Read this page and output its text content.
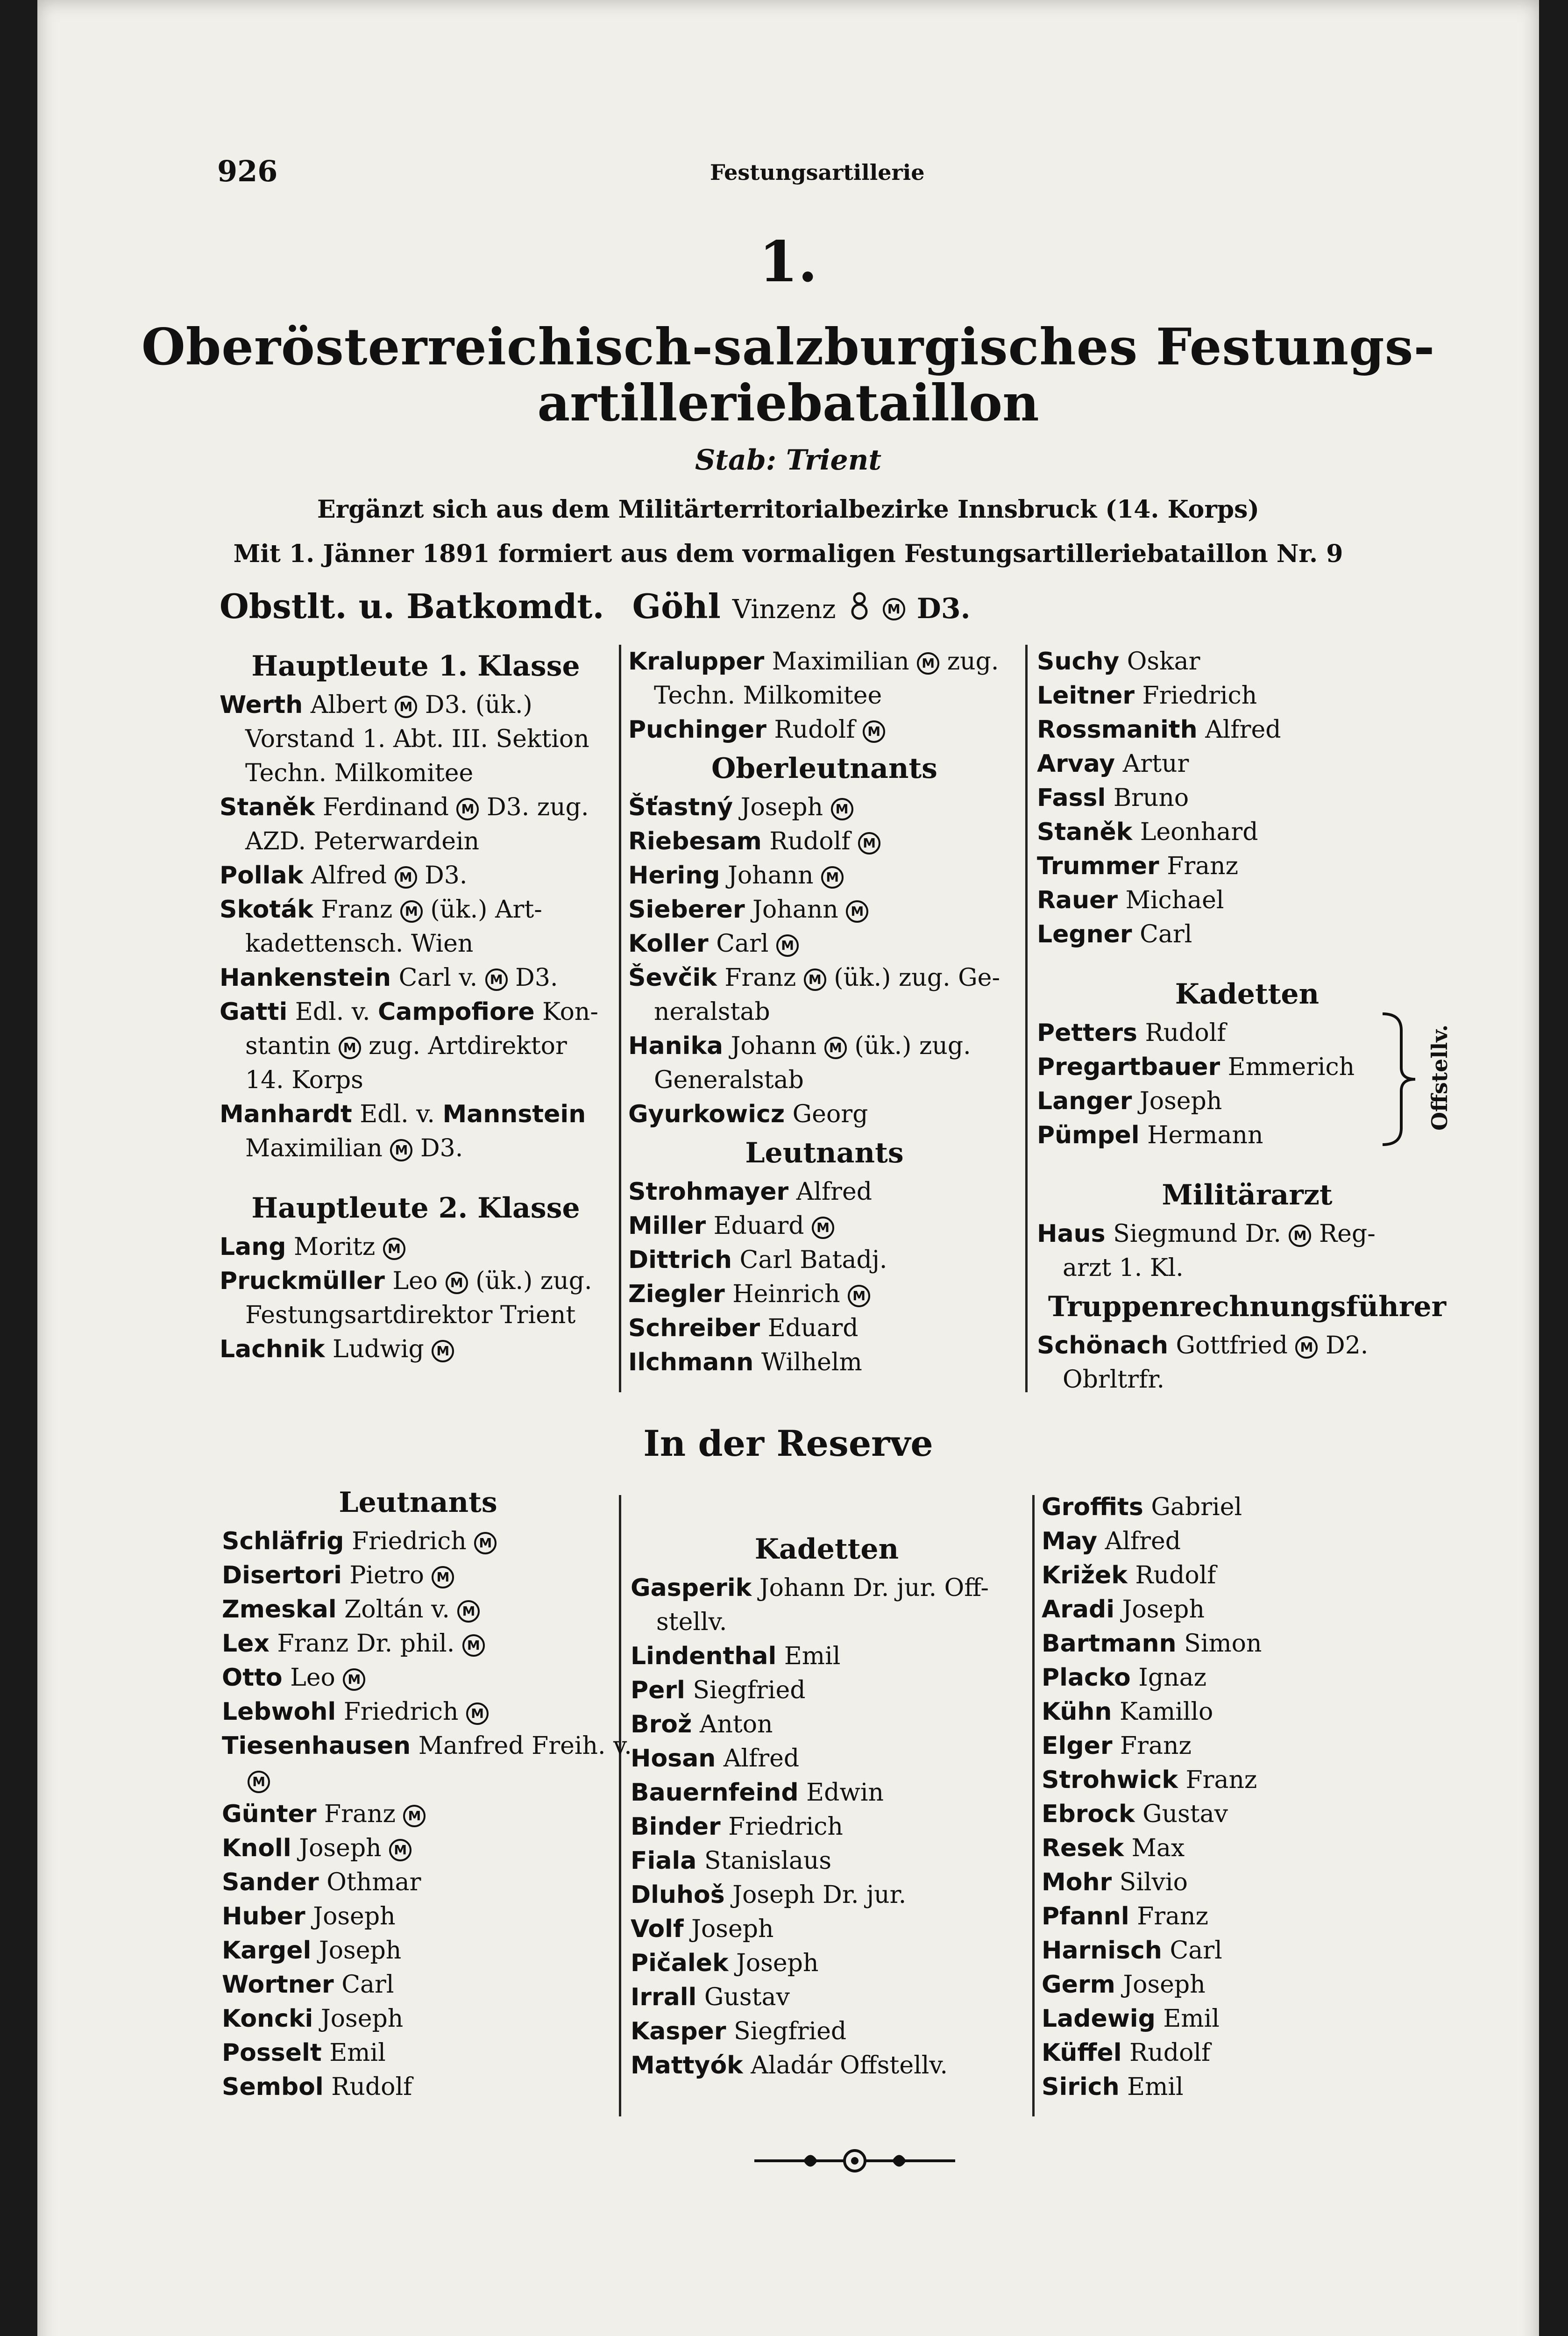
926	Festungsartillerie
1.
Oberösterreichisch-salzburgisches Festungs-
artilleriebataillon
Stab: Trient
Ergänzt sich aus dem Militärterritorialbezirke Innsbruck (14. Korps)
Mit 1. Jänner 1891 formiert aus dem vormaligen Festungsartilleriebataillon Nr. 9
Obstlt. u. Batkomdt. Göhl Vinzenz	M D3.
Hauptleute 1. Klasse
Werth Albert M D3. (ük.)
Vorstand 1. Abt. III. Sektion
Techn. Milkomitee
Staněk Ferdinand M D3. zug.
AZD. Peterwardein
Pollak Alfred M D3.
Skoták Franz M (ük.) Art-
kadettensch. Wien
Hankenstein Carl v. M D3.
Gatti Edl. v. Campofiore Kon-
stantin M zug. Artdirektor
14. Korps
Manhardt Edl. v. Mannstein
Maximilian M D3.
Hauptleute 2. Klasse
Lang Moritz M
Pruckmüller Leo M (ük.) zug.
Festungsartdirektor Trient
Lachnik Ludwig M
Kralupper Maximilian M zug.
Techn. Milkomitee
Puchinger Rudolf M
Oberleutnants
Šťastný Joseph M
Riebesam Rudolf M
Hering Johann M
Sieberer Johann M
Koller Carl M
Ševčik Franz M (ük.) zug. Ge-
neralstab
Hanika Johann M (ük.) zug.
Generalstab
Gyurkowicz Georg
Leutnants
Strohmayer Alfred
Miller Eduard M
Dittrich Carl Batadj.
Ziegler Heinrich M
Schreiber Eduard
Ilchmann Wilhelm
Suchy Oskar
Leitner Friedrich
Rossmanith Alfred
Arvay Artur
Fassl Bruno
Staněk Leonhard
Trummer Franz
Rauer Michael
Legner Carl
Kadetten
Petters Rudolf
Pregartbauer Emmerich
Langer Joseph
Pümpel Hermann
Militärarzt
Haus Siegmund Dr. M Reg-
arzt 1. Kl.
Truppenrechnungsführer
Schönach Gottfried M D2.
Obrltrfr.
Offstellv.
In der Reserve
Leutnants
Schläfrig Friedrich M
Disertori Pietro M
Zmeskal Zoltán v. M
Lex Franz Dr. phil. M
Otto Leo M
Lebwohl Friedrich M
Tiesenhausen Manfred Freih. v.
M
Günter Franz M
Knoll Joseph M
Sander Othmar
Huber Joseph
Kargel Joseph
Wortner Carl
Koncki Joseph
Posselt Emil
Sembol Rudolf
Kadetten
Gasperik Johann Dr. jur. Off-
stellv.
Lindenthal Emil
Perl Siegfried
Brož Anton
Hosan Alfred
Bauernfeind Edwin
Binder Friedrich
Fiala Stanislaus
Dluhoš Joseph Dr. jur.
Volf Joseph
Pičalek Joseph
Irrall Gustav
Kasper Siegfried
Mattyók Aladár Offstellv.
Groffits Gabriel
May Alfred
Križek Rudolf
Aradi Joseph
Bartmann Simon
Placko Ignaz
Kühn Kamillo
Elger Franz
Strohwick Franz
Ebrock Gustav
Resek Max
Mohr Silvio
Pfannl Franz
Harnisch Carl
Germ Joseph
Ladewig Emil
Küffel Rudolf
Sirich Emil
